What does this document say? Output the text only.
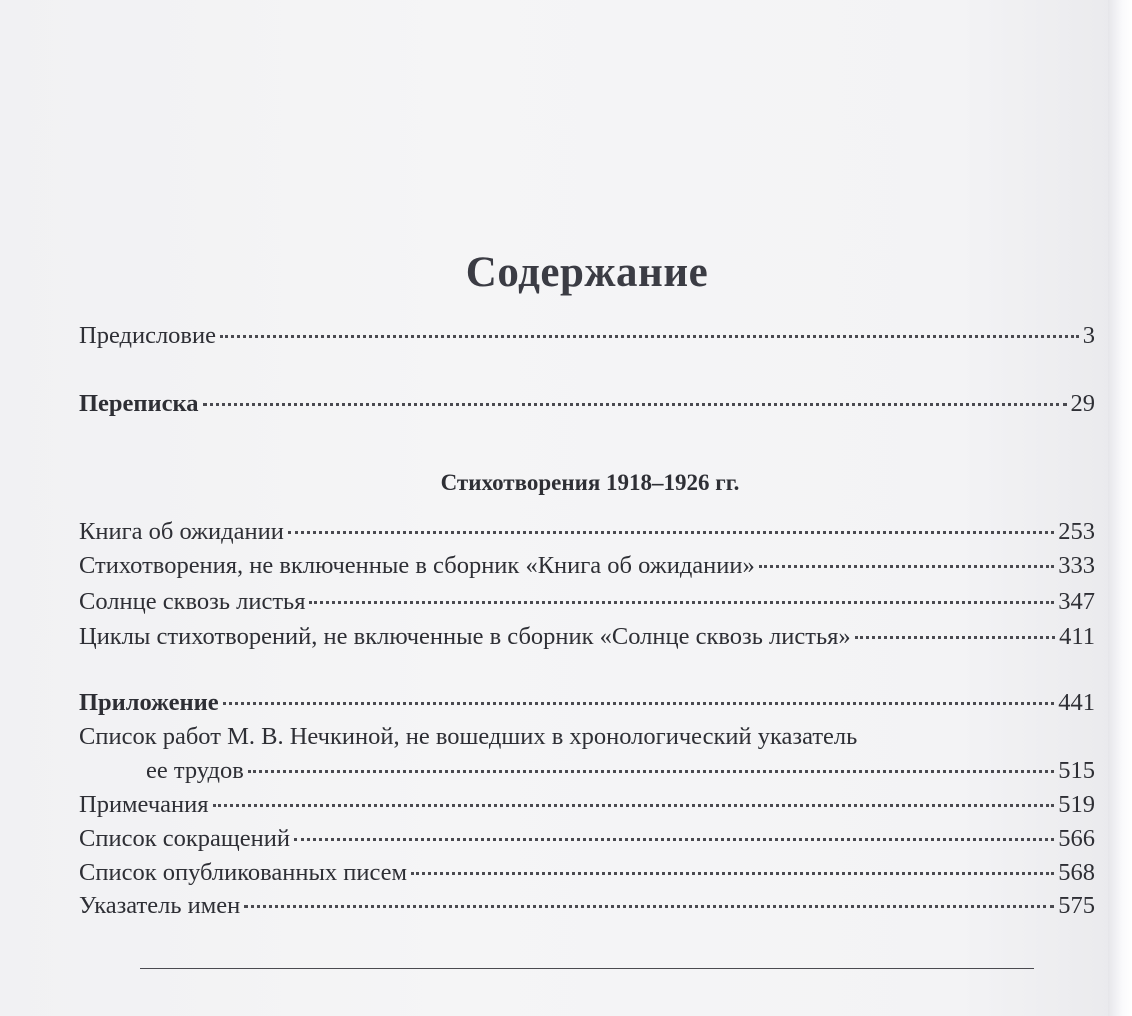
Содержание
Предисловие	3
Переписка	29
Стихотворения 1918–1926 гг.
Книга об ожидании	253
Стихотворения, не включенные в сборник «Книга об ожидании»	333
Солнце сквозь листья	347
Циклы стихотворений, не включенные в сборник «Солнце сквозь листья»	411
Приложение	441
Список работ М. В. Нечкиной, не вошедших в хронологический указатель
ее трудов	515
Примечания	519
Список сокращений	566
Список опубликованных писем	568
Указатель имен	575
